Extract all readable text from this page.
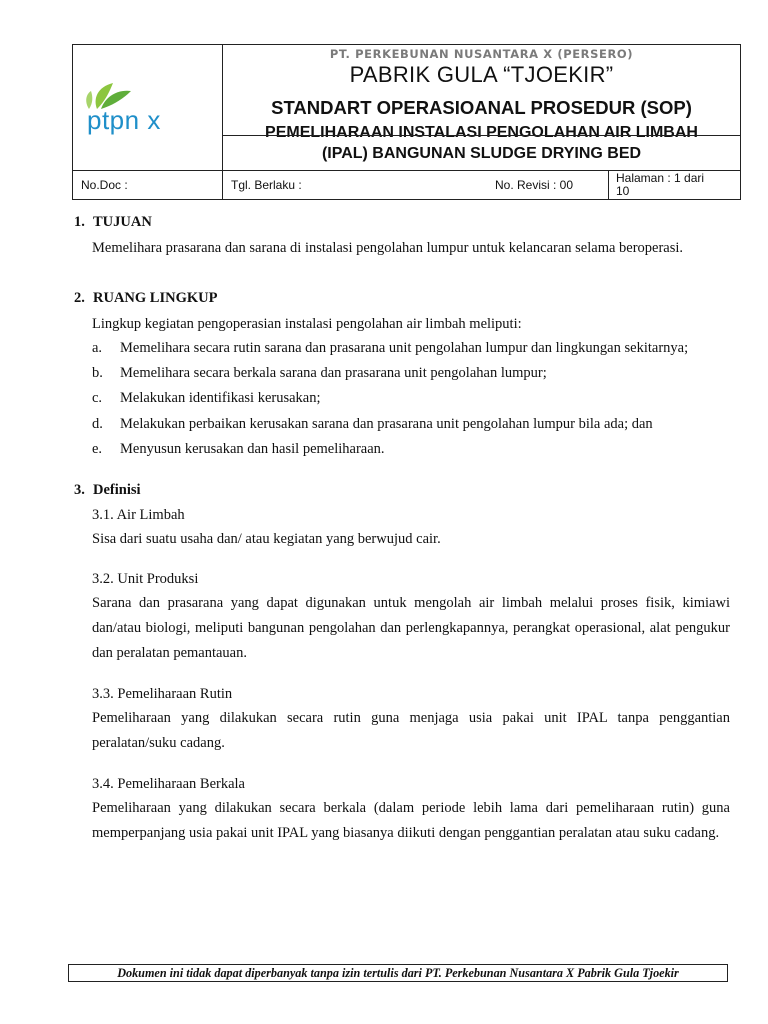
ptpn x
PT. PERKEBUNAN NUSANTARA X (PERSERO)
PABRIK GULA “TJOEKIR”
STANDART OPERASIOANAL PROSEDUR (SOP)
PEMELIHARAAN INSTALASI PENGOLAHAN AIR LIMBAH
(IPAL) BANGUNAN SLUDGE DRYING BED
No.Doc :	Tgl. Berlaku :	No. Revisi : 00	Halaman : 1 dari
10
1. TUJUAN
Memelihara prasarana dan sarana di instalasi pengolahan lumpur untuk kelancaran selama beroperasi.
2. RUANG LINGKUP
Lingkup kegiatan pengoperasian instalasi pengolahan air limbah meliputi:
a. Memelihara secara rutin sarana dan prasarana unit pengolahan lumpur dan lingkungan sekitarnya;
b. Memelihara secara berkala sarana dan prasarana unit pengolahan lumpur;
c. Melakukan identifikasi kerusakan;
d. Melakukan perbaikan kerusakan sarana dan prasarana unit pengolahan lumpur bila ada; dan
e. Menyusun kerusakan dan hasil pemeliharaan.
3. Definisi
3.1. Air Limbah
Sisa dari suatu usaha dan/ atau kegiatan yang berwujud cair.
3.2. Unit Produksi
Sarana dan prasarana yang dapat digunakan untuk mengolah air limbah melalui proses fisik, kimiawi dan/atau biologi, meliputi bangunan pengolahan dan perlengkapannya, perangkat operasional, alat pengukur dan peralatan pemantauan.
3.3. Pemeliharaan Rutin
Pemeliharaan yang dilakukan secara rutin guna menjaga usia pakai unit IPAL tanpa penggantian peralatan/suku cadang.
3.4. Pemeliharaan Berkala
Pemeliharaan yang dilakukan secara berkala (dalam periode lebih lama dari pemeliharaan rutin) guna memperpanjang usia pakai unit IPAL yang biasanya diikuti dengan penggantian peralatan atau suku cadang.
Dokumen ini tidak dapat diperbanyak tanpa izin tertulis dari PT. Perkebunan Nusantara X Pabrik Gula Tjoekir
